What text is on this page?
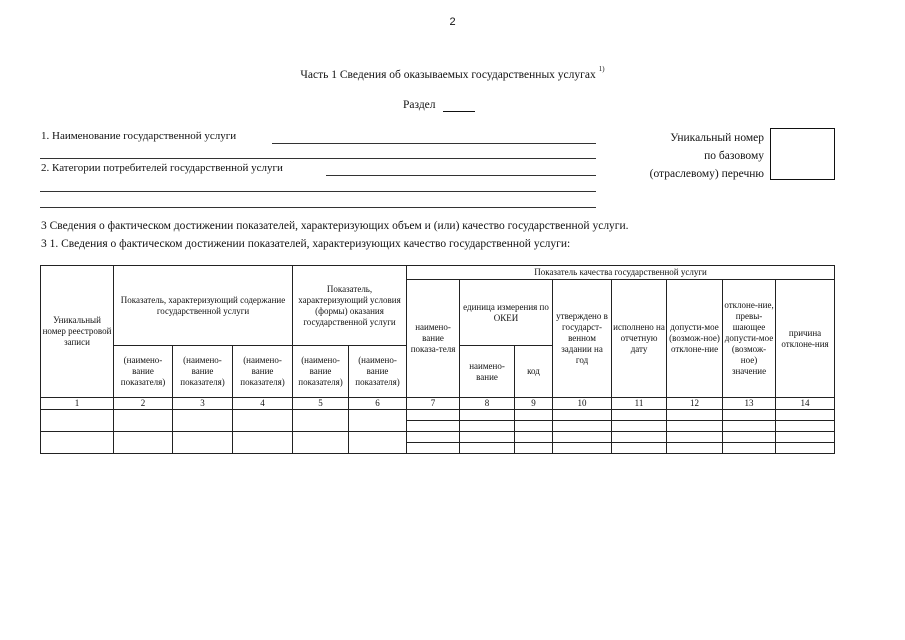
2
Часть 1 Сведения об оказываемых государственных услугах $^{1)}$
Раздел
1. Наименование государственной услуги
2. Категории потребителей государственной услуги
Уникальный номер
по базовому
(отраслевому) перечню
3 Сведения о фактическом достижении показателей, характеризующих объем и (или) качество государственной услуги.
3 1. Сведения о фактическом достижении показателей, характеризующих качество государственной услуги:
Уникальный номер реестровой записи	Показатель, характеризующий содержание государственной услуги			Показатель, характеризующий условия (формы) оказания государственной услуги		Показатель качества государственной услуги							
						наимено-вание показа-теля	единица измерения по ОКЕИ		утверждено в государст-венном задании на год	исполнено на отчетную дату	допусти-мое (возмож-ное) отклоне-ние	отклоне-ние, превы-шающее допусти-мое (возмож-ное) значение	причина отклоне-ния
	(наимено-вание показателя)	(наимено-вание показателя)	(наимено-вание показателя)	(наимено-вание показателя)	(наимено-вание показателя)		наимено-вание	код					
1	2	3	4	5	6	7	8	9	10	11	12	13	14
